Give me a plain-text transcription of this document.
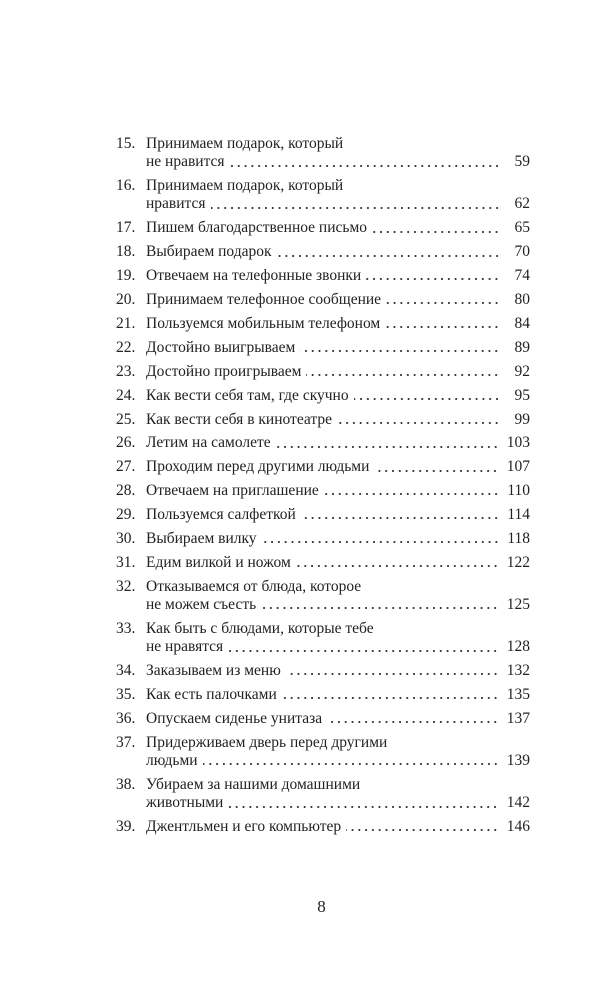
15. Принимаем подарок, который
не нравится	59
16. Принимаем подарок, который
нравится	62
17. Пишем благодарственное письмо	65
18. Выбираем подарок	70
19. Отвечаем на телефонные звонки	74
20. Принимаем телефонное сообщение	80
21. Пользуемся мобильным телефоном	84
22. Достойно выигрываем	89
23. Достойно проигрываем	92
24. Как вести себя там, где скучно	95
25. Как вести себя в кинотеатре	99
26. Летим на самолете	103
27. Проходим перед другими людьми	107
28. Отвечаем на приглашение	110
29. Пользуемся салфеткой	114
30. Выбираем вилку	118
31. Едим вилкой и ножом	122
32. Отказываемся от блюда, которое
не можем съесть	125
33. Как быть с блюдами, которые тебе
не нравятся	128
34. Заказываем из меню	132
35. Как есть палочками	135
36. Опускаем сиденье унитаза	137
37. Придерживаем дверь перед другими
людьми	139
38. Убираем за нашими домашними
животными	142
39. Джентльмен и его компьютер	146
8
